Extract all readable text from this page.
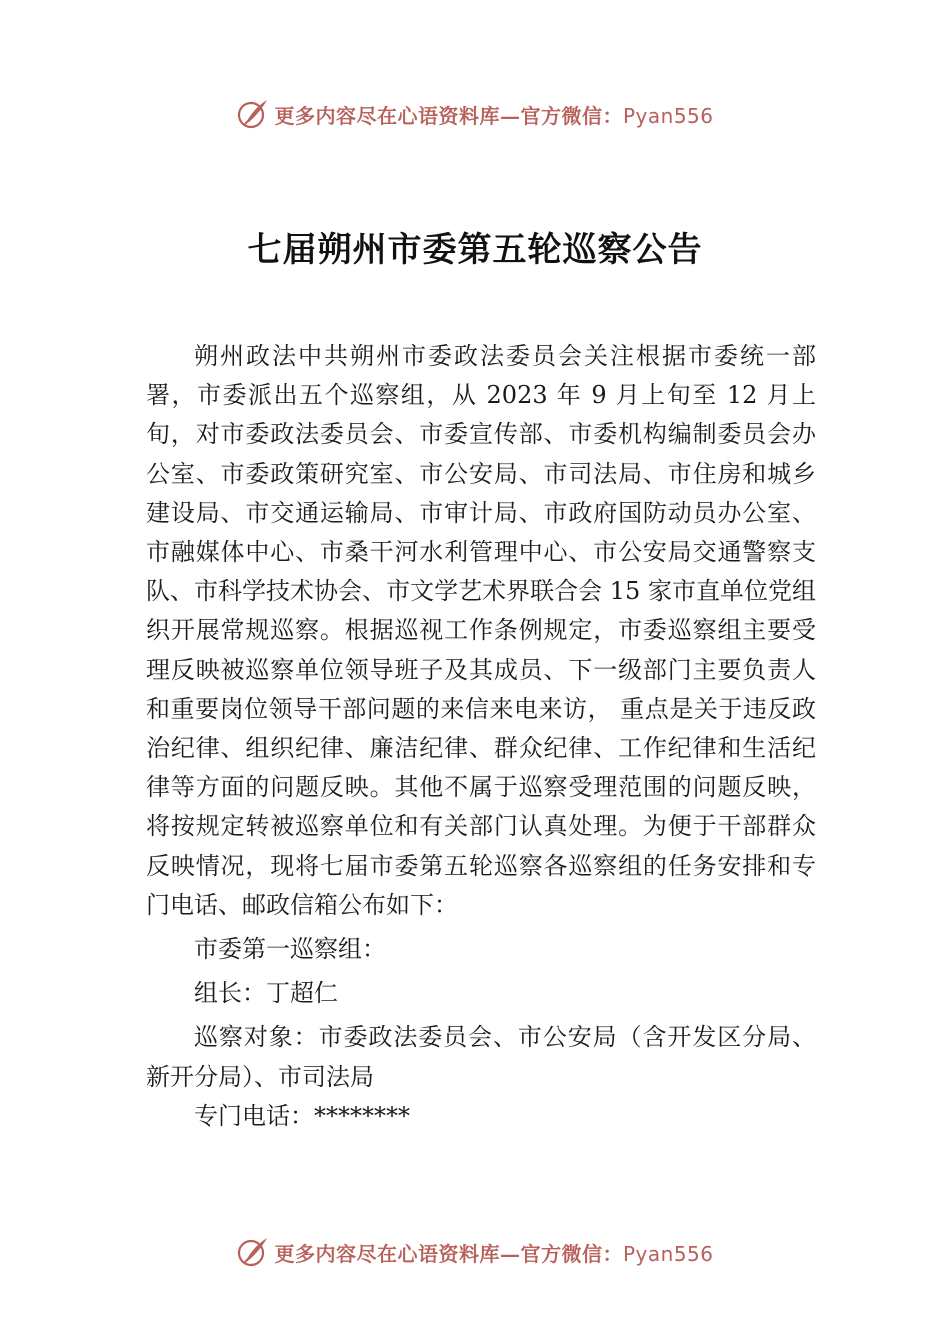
更多内容尽在心语资料库—官方微信：Pyan556
七届朔州市委第五轮巡察公告

朔州政法中共朔州市委政法委员会关注根据市委统一部署，市委派出五个巡察组，从 2023 年 9 月上旬至 12 月上旬，对市委政法委员会、市委宣传部、市委机构编制委员会办公室、市委政策研究室、市公安局、市司法局、市住房和城乡建设局、市交通运输局、市审计局、市政府国防动员办公室、市融媒体中心、市桑干河水利管理中心、市公安局交通警察支队、市科学技术协会、市文学艺术界联合会 15 家市直单位党组织开展常规巡察。根据巡视工作条例规定，市委巡察组主要受理反映被巡察单位领导班子及其成员、下一级部门主要负责人和重要岗位领导干部问题的来信来电来访， 重点是关于违反政治纪律、组织纪律、廉洁纪律、群众纪律、工作纪律和生活纪律等方面的问题反映。其他不属于巡察受理范围的问题反映，将按规定转被巡察单位和有关部门认真处理。为便于干部群众反映情况，现将七届市委第五轮巡察各巡察组的任务安排和专门电话、邮政信箱公布如下：

市委第一巡察组：

组长：丁超仁

巡察对象：市委政法委员会、市公安局（含开发区分局、新开分局）、市司法局

专门电话：********

更多内容尽在心语资料库—官方微信：Pyan556
